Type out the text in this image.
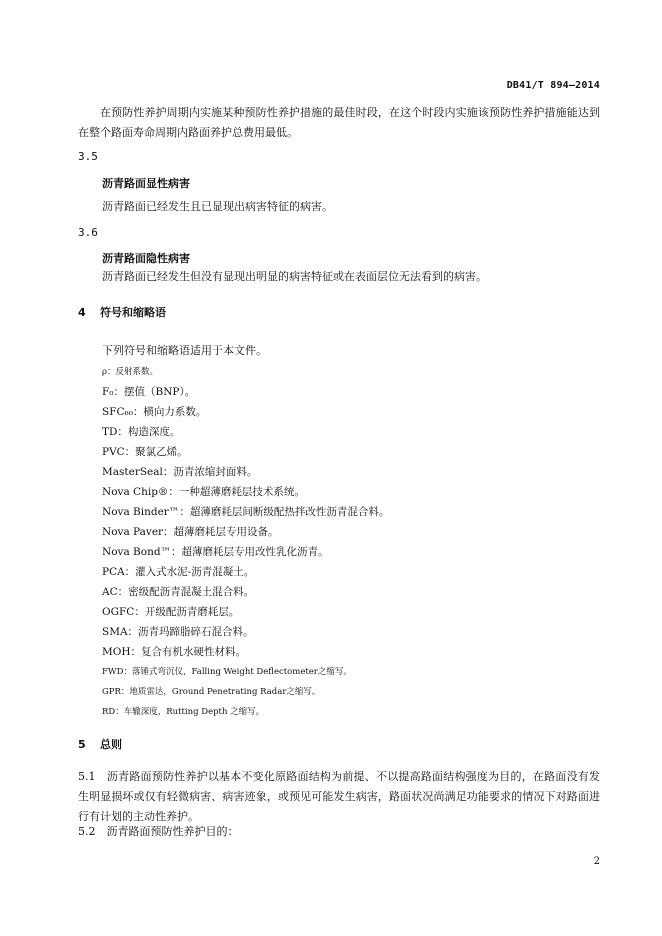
DB41/T 894—2014
在预防性养护周期内实施某种预防性养护措施的最佳时段，在这个时段内实施该预防性养护措施能达到在整个路面寿命周期内路面养护总费用最低。
3.5
沥青路面显性病害
沥青路面已经发生且已显现出病害特征的病害。
3.6
沥青路面隐性病害
沥青路面已经发生但没有显现出明显的病害特征或在表面层位无法看到的病害。
4 符号和缩略语
下列符号和缩略语适用于本文件。
ρ：反射系数。
F₀：摆值（BNP）。
SFC₆₀：横向力系数。
TD：构造深度。
PVC：聚氯乙烯。
MasterSeal：沥青浓缩封面料。
Nova Chip®：一种超薄磨耗层技术系统。
Nova Binder™：超薄磨耗层间断级配热拌改性沥青混合料。
Nova Paver：超薄磨耗层专用设备。
Nova Bond™：超薄磨耗层专用改性乳化沥青。
PCA：灌入式水泥-沥青混凝土。
AC：密级配沥青混凝土混合料。
OGFC：开级配沥青磨耗层。
SMA：沥青玛蹄脂碎石混合料。
MOH：复合有机水硬性材料。
FWD：落锤式弯沉仪，Falling Weight Deflectometer之缩写。
GPR：地质雷达，Ground Penetrating Radar之缩写。
RD：车辙深度，Rutting Depth 之缩写。
5 总则
5.1　沥青路面预防性养护以基本不变化原路面结构为前提、不以提高路面结构强度为目的，在路面没有发生明显损坏或仅有轻微病害、病害迹象，或预见可能发生病害，路面状况尚满足功能要求的情况下对路面进行有计划的主动性养护。
5.2　沥青路面预防性养护目的：
2
